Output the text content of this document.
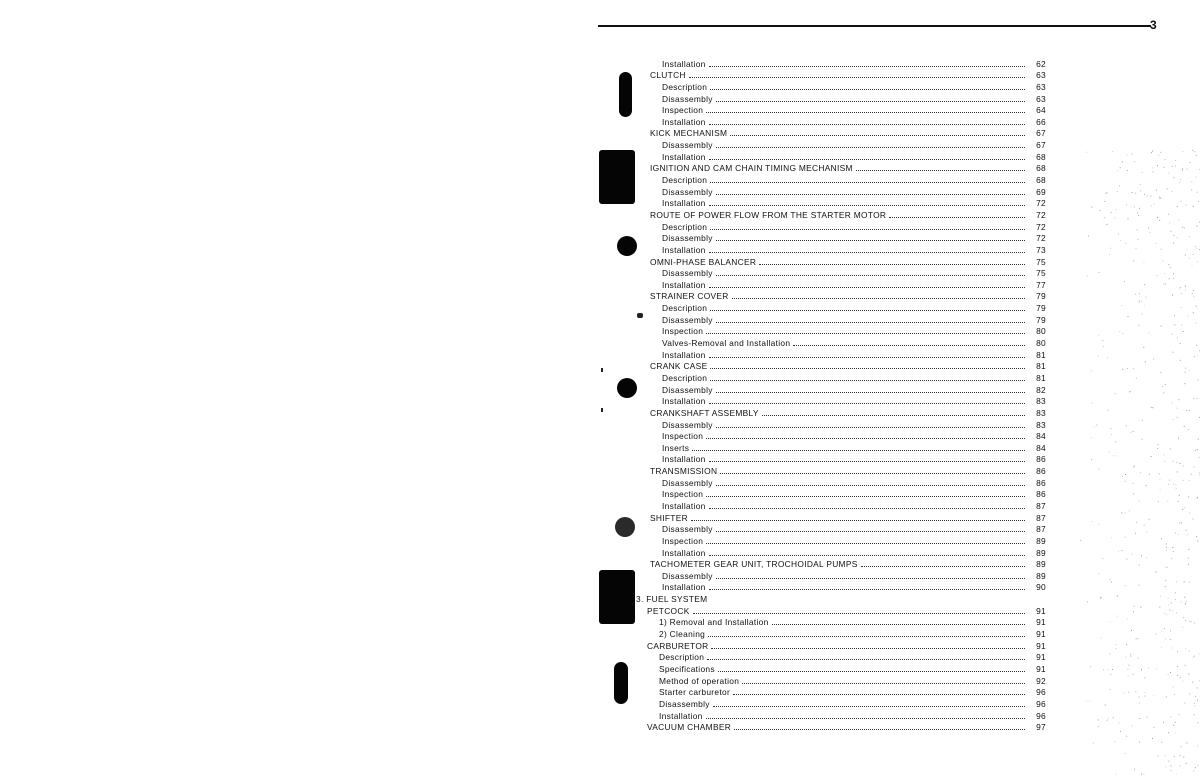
3
Installation	62
CLUTCH	63
Description	63
Disassembly	63
Inspection	64
Installation	66
KICK MECHANISM	67
Disassembly	67
Installation	68
IGNITION AND CAM CHAIN TIMING MECHANISM	68
Description	68
Disassembly	69
Installation	72
ROUTE OF POWER FLOW FROM THE STARTER MOTOR	72
Description	72
Disassembly	72
Installation	73
OMNI-PHASE BALANCER	75
Disassembly	75
Installation	77
STRAINER COVER	79
Description	79
Disassembly	79
Inspection	80
Valves-Removal and Installation	80
Installation	81
CRANK CASE	81
Description	81
Disassembly	82
Installation	83
CRANKSHAFT ASSEMBLY	83
Disassembly	83
Inspection	84
Inserts	84
Installation	86
TRANSMISSION	86
Disassembly	86
Inspection	86
Installation	87
SHIFTER	87
Disassembly	87
Inspection	89
Installation	89
TACHOMETER GEAR UNIT, TROCHOIDAL PUMPS	89
Disassembly	89
Installation	90
3. FUEL SYSTEM
PETCOCK	91
1) Removal and Installation	91
2) Cleaning	91
CARBURETOR	91
Description	91
Specifications	91
Method of operation	92
Starter carburetor	96
Disassembly	96
Installation	96
VACUUM CHAMBER	97
